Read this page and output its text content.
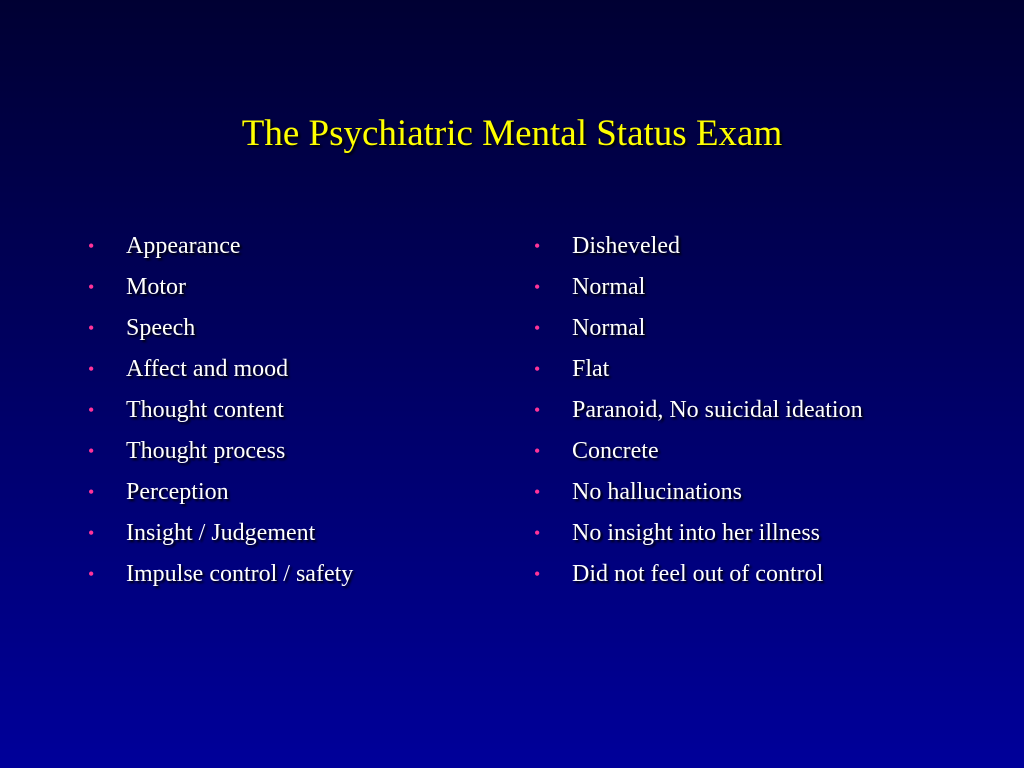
The Psychiatric Mental Status Exam
• Appearance
• Motor
• Speech
• Affect and mood
• Thought content
• Thought process
• Perception
• Insight / Judgement
• Impulse control / safety
• Disheveled
• Normal
• Normal
• Flat
• Paranoid, No suicidal ideation
• Concrete
• No hallucinations
• No insight into her illness
• Did not feel out of control
